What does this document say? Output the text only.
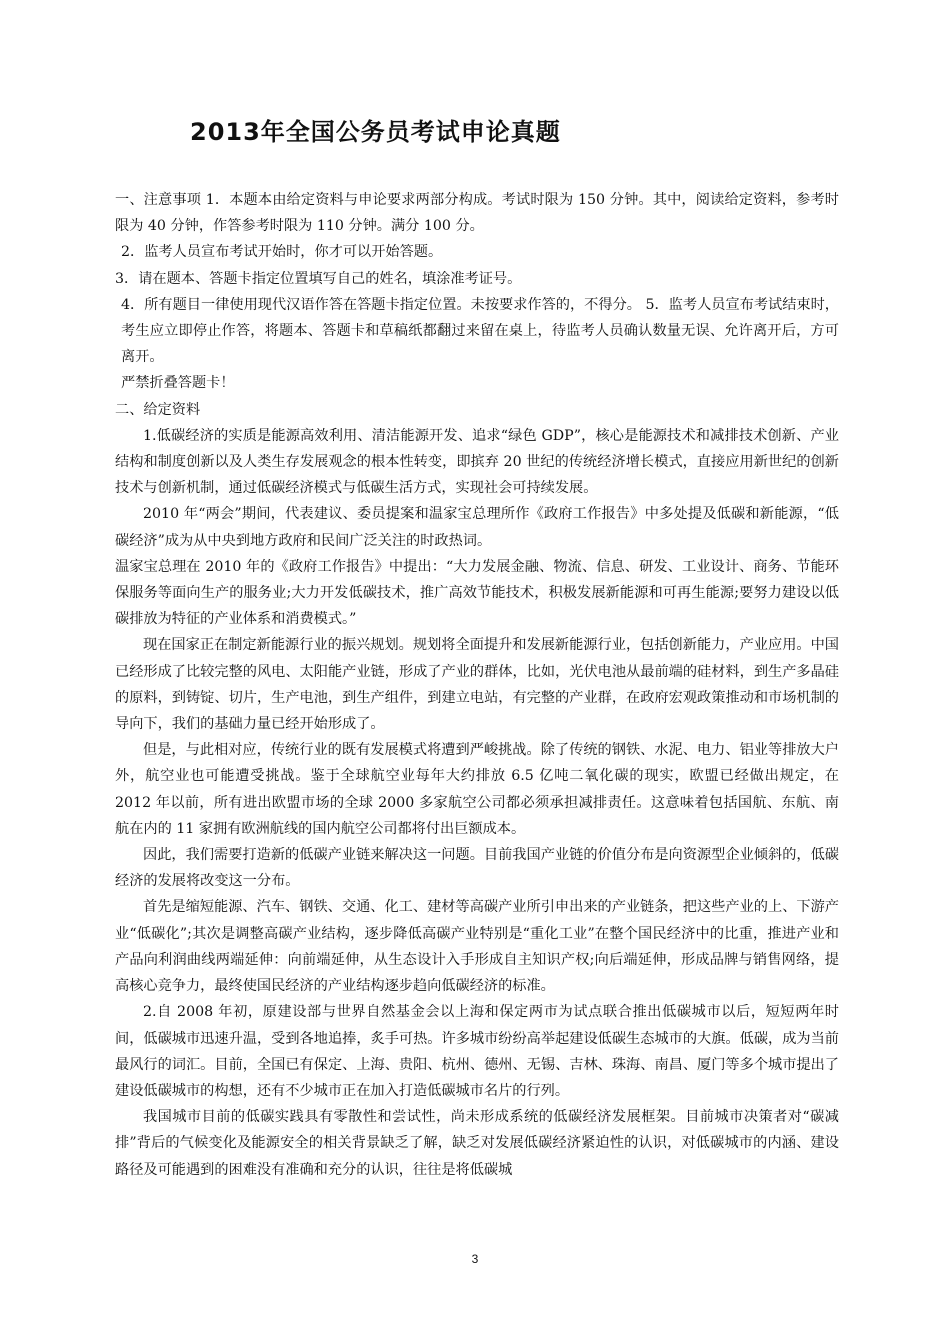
2013年全国公务员考试申论真题

一、注意事项 1．本题本由给定资料与申论要求两部分构成。考试时限为 150 分钟。其中，阅读给定资料，参考时限为 40 分钟，作答参考时限为 110 分钟。满分 100 分。

2．监考人员宣布考试开始时，你才可以开始答题。

3．请在题本、答题卡指定位置填写自己的姓名，填涂准考证号。

4．所有题目一律使用现代汉语作答在答题卡指定位置。未按要求作答的，不得分。 5．监考人员宣布考试结束时，考生应立即停止作答，将题本、答题卡和草稿纸都翻过来留在桌上，待监考人员确认数量无误、允许离开后，方可离开。

严禁折叠答题卡！

二、给定资料

1.低碳经济的实质是能源高效利用、清洁能源开发、追求“绿色 GDP”，核心是能源技术和减排技术创新、产业结构和制度创新以及人类生存发展观念的根本性转变，即摈弃 20 世纪的传统经济增长模式，直接应用新世纪的创新技术与创新机制，通过低碳经济模式与低碳生活方式，实现社会可持续发展。

2010 年“两会”期间，代表建议、委员提案和温家宝总理所作《政府工作报告》中多处提及低碳和新能源，“低碳经济”成为从中央到地方政府和民间广泛关注的时政热词。

温家宝总理在 2010 年的《政府工作报告》中提出：“大力发展金融、物流、信息、研发、工业设计、商务、节能环保服务等面向生产的服务业;大力开发低碳技术，推广高效节能技术，积极发展新能源和可再生能源;要努力建设以低碳排放为特征的产业体系和消费模式。”

现在国家正在制定新能源行业的振兴规划。规划将全面提升和发展新能源行业，包括创新能力，产业应用。中国已经形成了比较完整的风电、太阳能产业链，形成了产业的群体，比如，光伏电池从最前端的硅材料，到生产多晶硅的原料，到铸锭、切片，生产电池，到生产组件，到建立电站，有完整的产业群，在政府宏观政策推动和市场机制的导向下，我们的基础力量已经开始形成了。

但是，与此相对应，传统行业的既有发展模式将遭到严峻挑战。除了传统的钢铁、水泥、电力、铝业等排放大户外，航空业也可能遭受挑战。鉴于全球航空业每年大约排放 6.5 亿吨二氧化碳的现实，欧盟已经做出规定，在 2012 年以前，所有进出欧盟市场的全球 2000 多家航空公司都必须承担减排责任。这意味着包括国航、东航、南航在内的 11 家拥有欧洲航线的国内航空公司都将付出巨额成本。

因此，我们需要打造新的低碳产业链来解决这一问题。目前我国产业链的价值分布是向资源型企业倾斜的，低碳经济的发展将改变这一分布。

首先是缩短能源、汽车、钢铁、交通、化工、建材等高碳产业所引申出来的产业链条，把这些产业的上、下游产业“低碳化”;其次是调整高碳产业结构，逐步降低高碳产业特别是“重化工业”在整个国民经济中的比重，推进产业和产品向利润曲线两端延伸：向前端延伸，从生态设计入手形成自主知识产权;向后端延伸，形成品牌与销售网络，提高核心竞争力，最终使国民经济的产业结构逐步趋向低碳经济的标准。

2.自 2008 年初，原建设部与世界自然基金会以上海和保定两市为试点联合推出低碳城市以后，短短两年时间，低碳城市迅速升温，受到各地追捧，炙手可热。许多城市纷纷高举起建设低碳生态城市的大旗。低碳，成为当前最风行的词汇。目前，全国已有保定、上海、贵阳、杭州、德州、无锡、吉林、珠海、南昌、厦门等多个城市提出了建设低碳城市的构想，还有不少城市正在加入打造低碳城市名片的行列。

我国城市目前的低碳实践具有零散性和尝试性，尚未形成系统的低碳经济发展框架。目前城市决策者对“碳减排”背后的气候变化及能源安全的相关背景缺乏了解，缺乏对发展低碳经济紧迫性的认识，对低碳城市的内涵、建设路径及可能遇到的困难没有准确和充分的认识，往往是将低碳城

3
